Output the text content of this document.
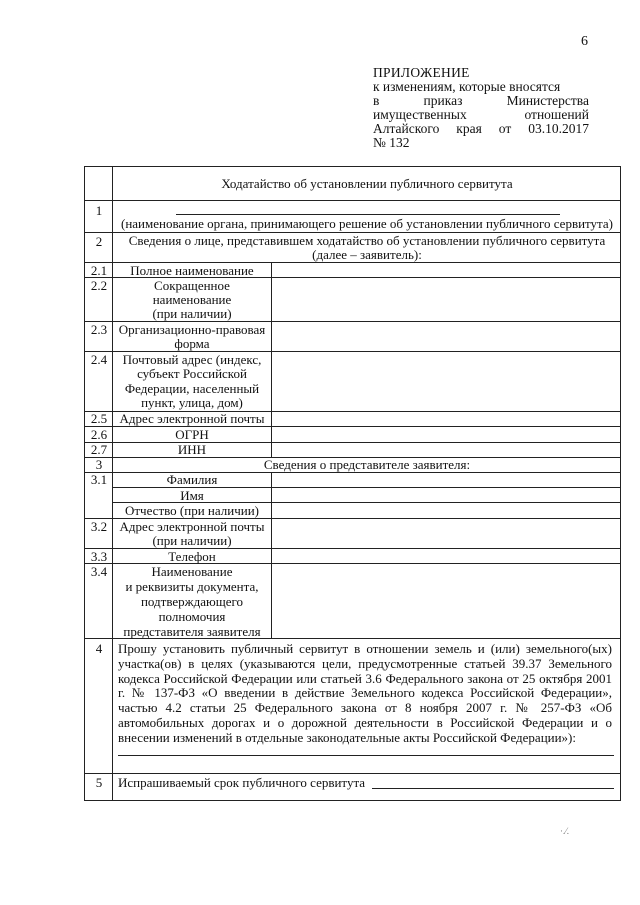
6
ПРИЛОЖЕНИЕ
к изменениям, которые вносятся
в приказ Министерства
имущественных отношений
Алтайского края от 03.10.2017
№ 132
Ходатайство об установлении публичного сервитута
1
(наименование органа, принимающего решение об установлении публичного сервитута)
2	Сведения о лице, представившем ходатайство об установлении публичного сервитута
(далее – заявитель):
2.1	Полное наименование
2.2	Сокращенное
наименование
(при наличии)
2.3 Организационно-правовая
форма
2.4	Почтовый адрес (индекс,
субъект Российской
Федерации, населенный
пункт, улица, дом)
2.5 Адрес электронной почты
2.6	ОГРН
2.7	ИНН
3	Сведения о представителе заявителя:
3.1	Фамилия
Имя
Отчество (при наличии)
3.2 Адрес электронной почты
(при наличии)
3.3	Телефон
3.4	Наименование
и реквизиты документа,
подтверждающего
полномочия
представителя заявителя
4	Прошу установить публичный сервитут в отношении земель и (или) земельного(ых) участка(ов) в целях (указываются цели, предусмотренные статьей 39.37 Земельного кодекса Российской Федерации или статьей 3.6 Федерального закона от 25 октября 2001 г. № 137-ФЗ «О введении в действие Земельного кодекса Российской Федерации», частью 4.2 статьи 25 Федерального закона от 8 ноября 2007 г. № 257-ФЗ «Об автомобильных дорогах и о дорожной деятельности в Российской Федерации и о внесении изменений в отдельные законодательные акты Российской Федерации»):
5	Испрашиваемый срок публичного сервитута
·.⁄.
